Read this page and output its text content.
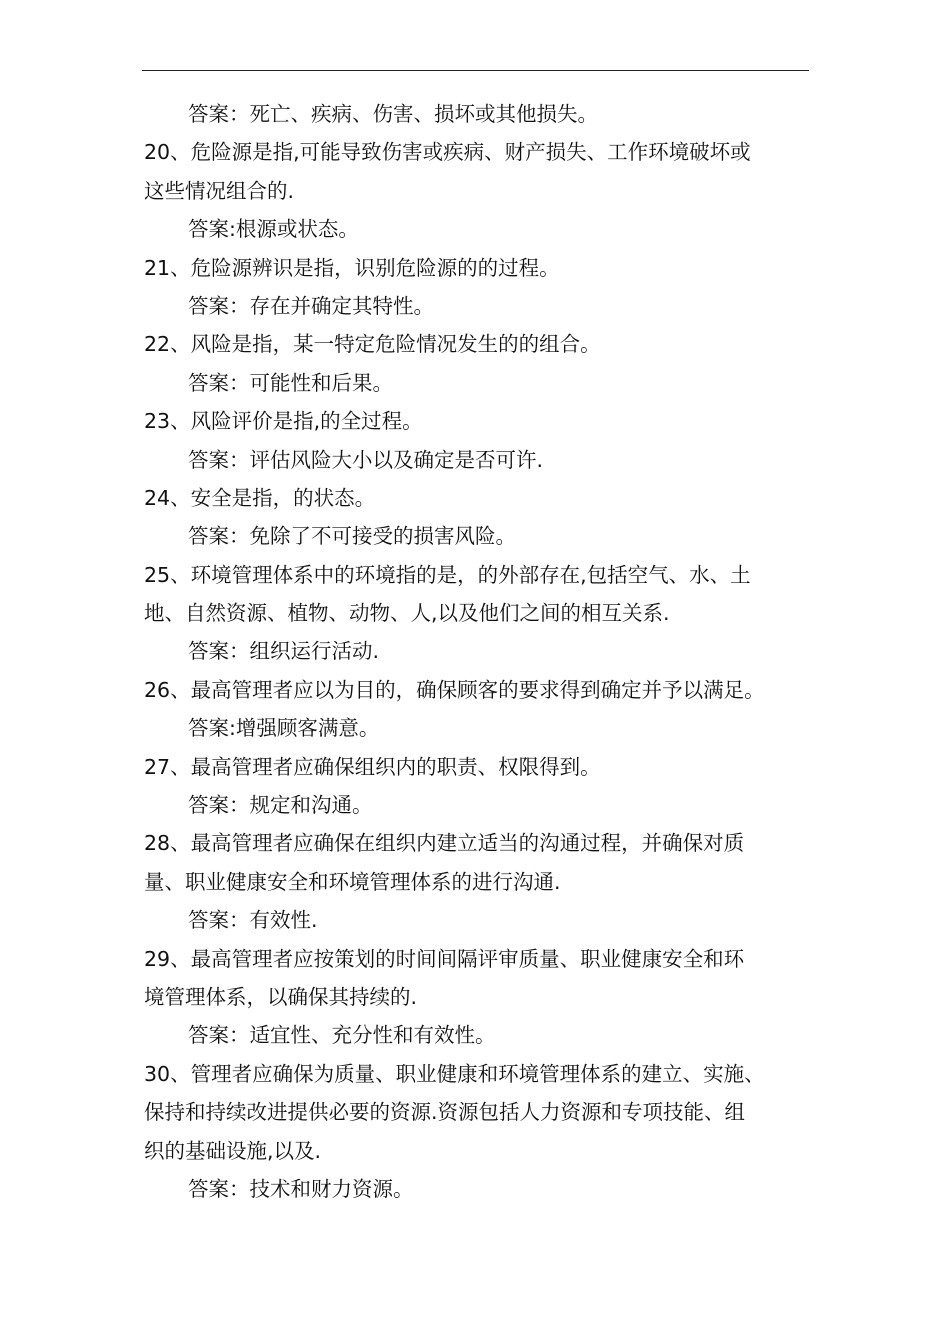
答案：死亡、疾病、伤害、损坏或其他损失。
20、危险源是指,可能导致伤害或疾病、财产损失、工作环境破坏或
这些情况组合的.
答案:根源或状态。
21、危险源辨识是指，识别危险源的的过程。
答案：存在并确定其特性。
22、风险是指，某一特定危险情况发生的的组合。
答案：可能性和后果。
23、风险评价是指,的全过程。
答案：评估风险大小以及确定是否可许.
24、安全是指，的状态。
答案：免除了不可接受的损害风险。
25、环境管理体系中的环境指的是，的外部存在,包括空气、水、土
地、自然资源、植物、动物、人,以及他们之间的相互关系.
答案：组织运行活动.
26、最高管理者应以为目的，确保顾客的要求得到确定并予以满足。
答案:增强顾客满意。
27、最高管理者应确保组织内的职责、权限得到。
答案：规定和沟通。
28、最高管理者应确保在组织内建立适当的沟通过程，并确保对质
量、职业健康安全和环境管理体系的进行沟通.
答案：有效性.
29、最高管理者应按策划的时间间隔评审质量、职业健康安全和环
境管理体系，以确保其持续的.
答案：适宜性、充分性和有效性。
30、管理者应确保为质量、职业健康和环境管理体系的建立、实施、
保持和持续改进提供必要的资源.资源包括人力资源和专项技能、组
织的基础设施,以及.
答案：技术和财力资源。
